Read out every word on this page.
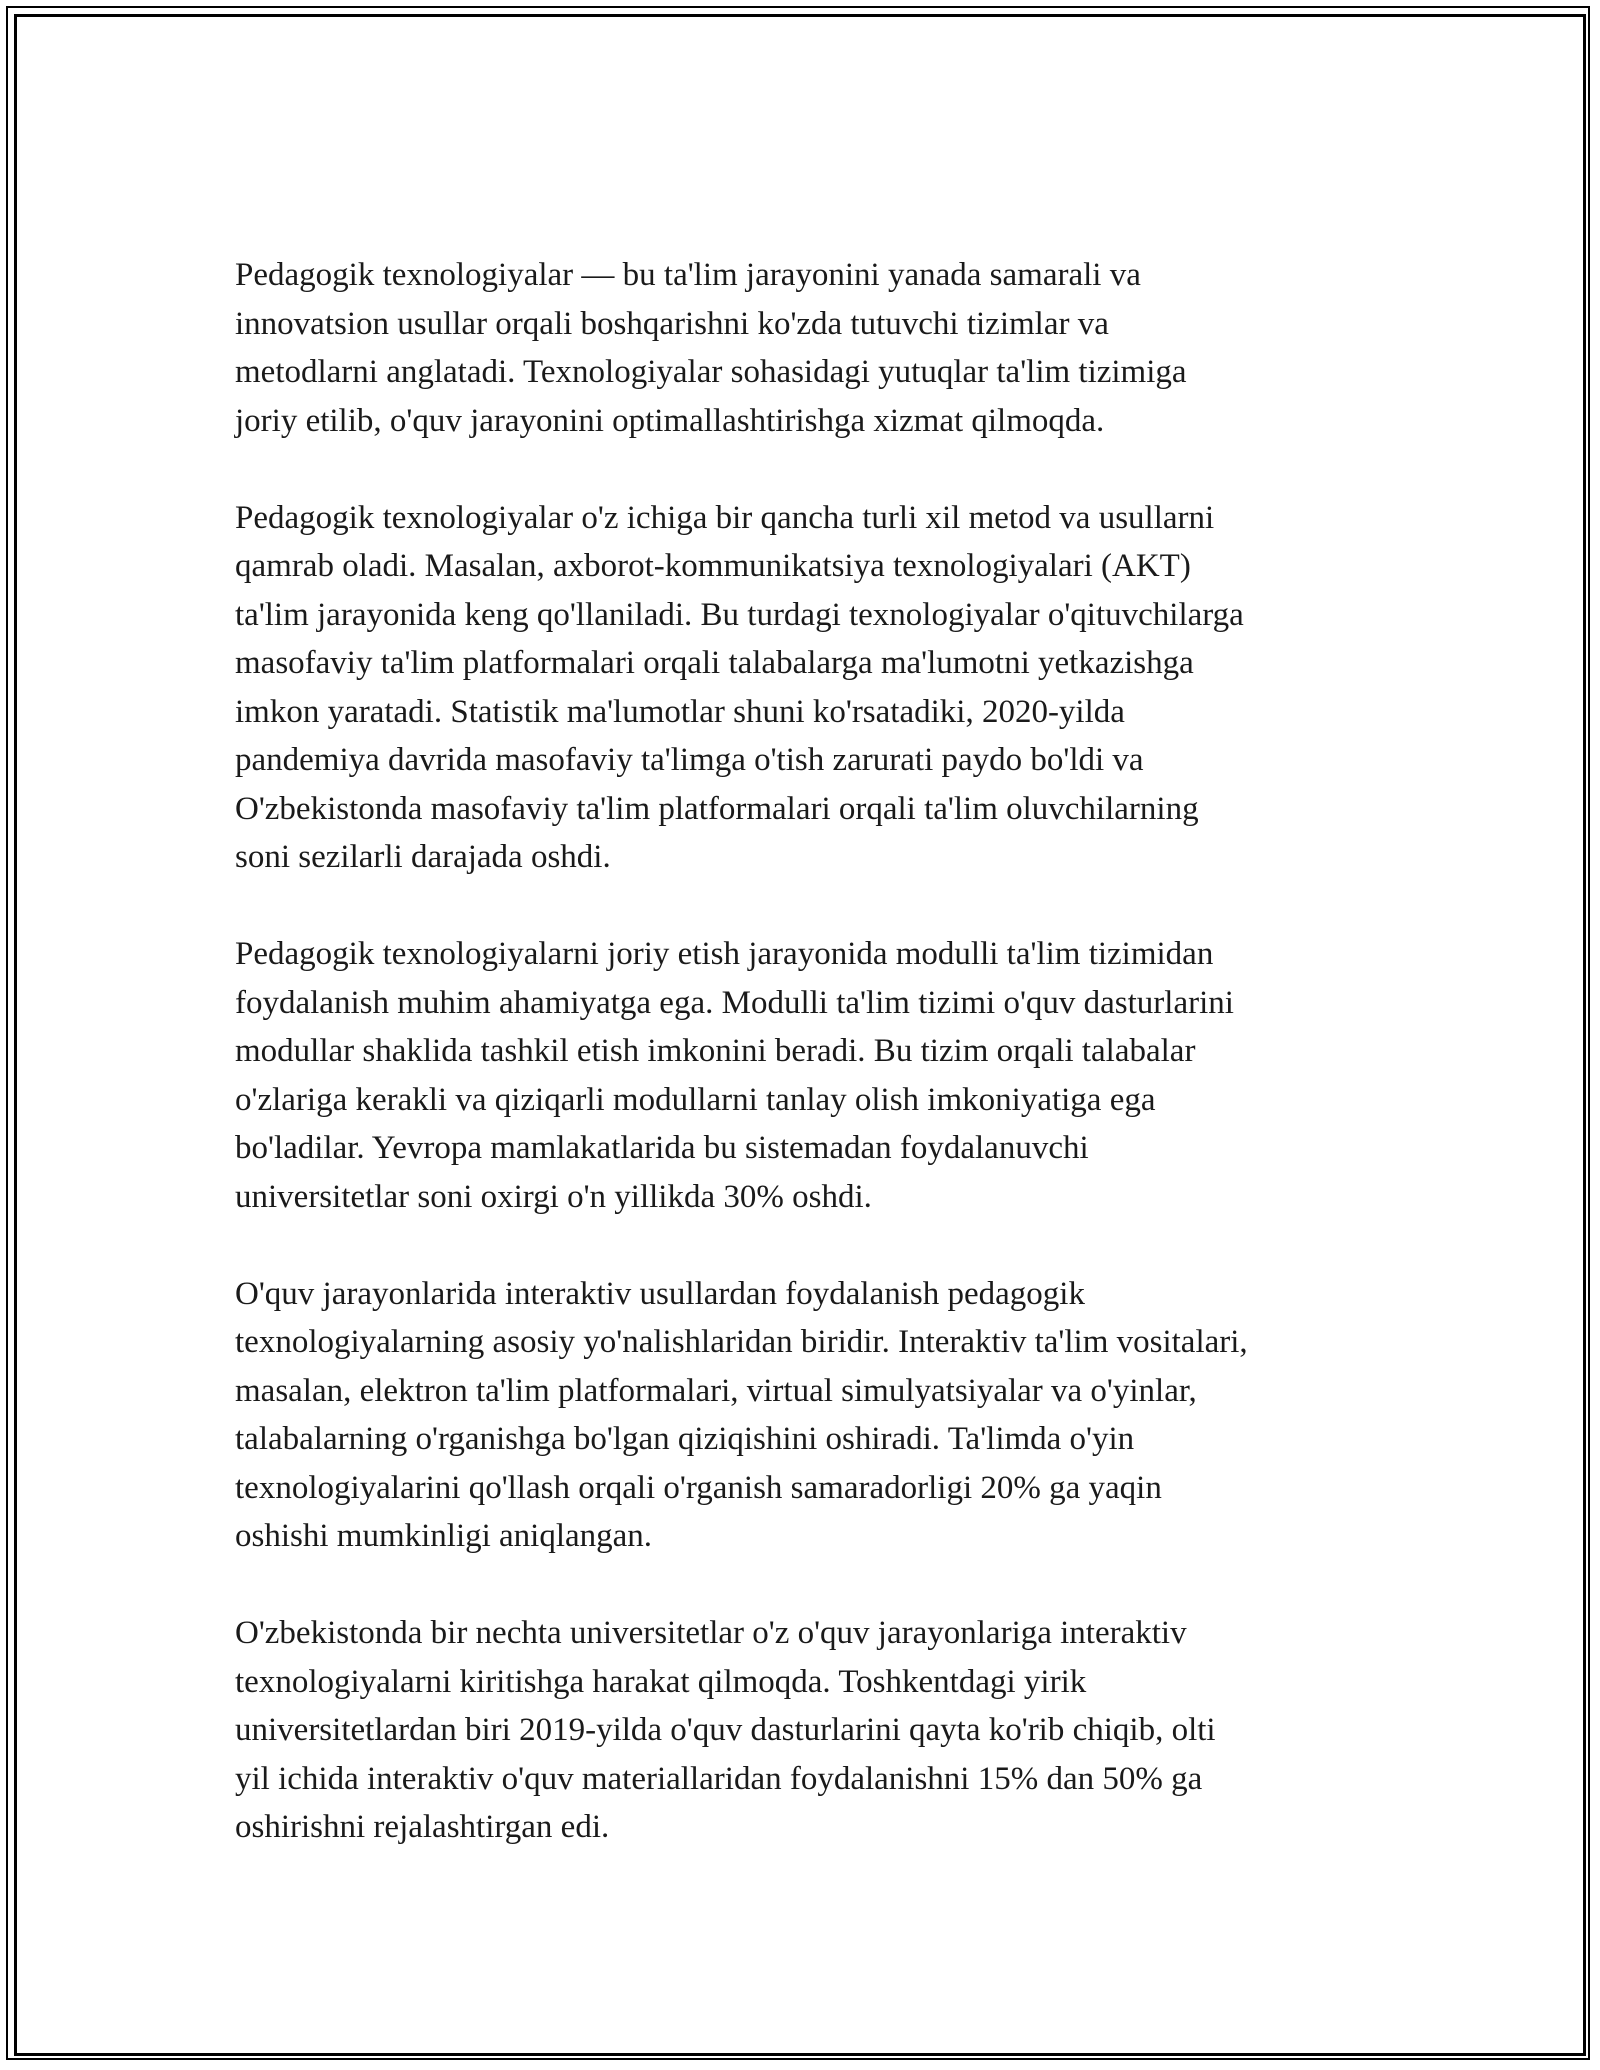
Pedagogik texnologiyalar — bu ta'lim jarayonini yanada samarali va
innovatsion usullar orqali boshqarishni ko'zda tutuvchi tizimlar va
metodlarni anglatadi. Texnologiyalar sohasidagi yutuqlar ta'lim tizimiga
joriy etilib, o'quv jarayonini optimallashtirishga xizmat qilmoqda.

Pedagogik texnologiyalar o'z ichiga bir qancha turli xil metod va usullarni
qamrab oladi. Masalan, axborot-kommunikatsiya texnologiyalari (AKT)
ta'lim jarayonida keng qo'llaniladi. Bu turdagi texnologiyalar o'qituvchilarga
masofaviy ta'lim platformalari orqali talabalarga ma'lumotni yetkazishga
imkon yaratadi. Statistik ma'lumotlar shuni ko'rsatadiki, 2020-yilda
pandemiya davrida masofaviy ta'limga o'tish zarurati paydo bo'ldi va
O'zbekistonda masofaviy ta'lim platformalari orqali ta'lim oluvchilarning
soni sezilarli darajada oshdi.

Pedagogik texnologiyalarni joriy etish jarayonida modulli ta'lim tizimidan
foydalanish muhim ahamiyatga ega. Modulli ta'lim tizimi o'quv dasturlarini
modullar shaklida tashkil etish imkonini beradi. Bu tizim orqali talabalar
o'zlariga kerakli va qiziqarli modullarni tanlay olish imkoniyatiga ega
bo'ladilar. Yevropa mamlakatlarida bu sistemadan foydalanuvchi
universitetlar soni oxirgi o'n yillikda 30% oshdi.

O'quv jarayonlarida interaktiv usullardan foydalanish pedagogik
texnologiyalarning asosiy yo'nalishlaridan biridir. Interaktiv ta'lim vositalari,
masalan, elektron ta'lim platformalari, virtual simulyatsiyalar va o'yinlar,
talabalarning o'rganishga bo'lgan qiziqishini oshiradi. Ta'limda o'yin
texnologiyalarini qo'llash orqali o'rganish samaradorligi 20% ga yaqin
oshishi mumkinligi aniqlangan.

O'zbekistonda bir nechta universitetlar o'z o'quv jarayonlariga interaktiv
texnologiyalarni kiritishga harakat qilmoqda. Toshkentdagi yirik
universitetlardan biri 2019-yilda o'quv dasturlarini qayta ko'rib chiqib, olti
yil ichida interaktiv o'quv materiallaridan foydalanishni 15% dan 50% ga
oshirishni rejalashtirgan edi.
